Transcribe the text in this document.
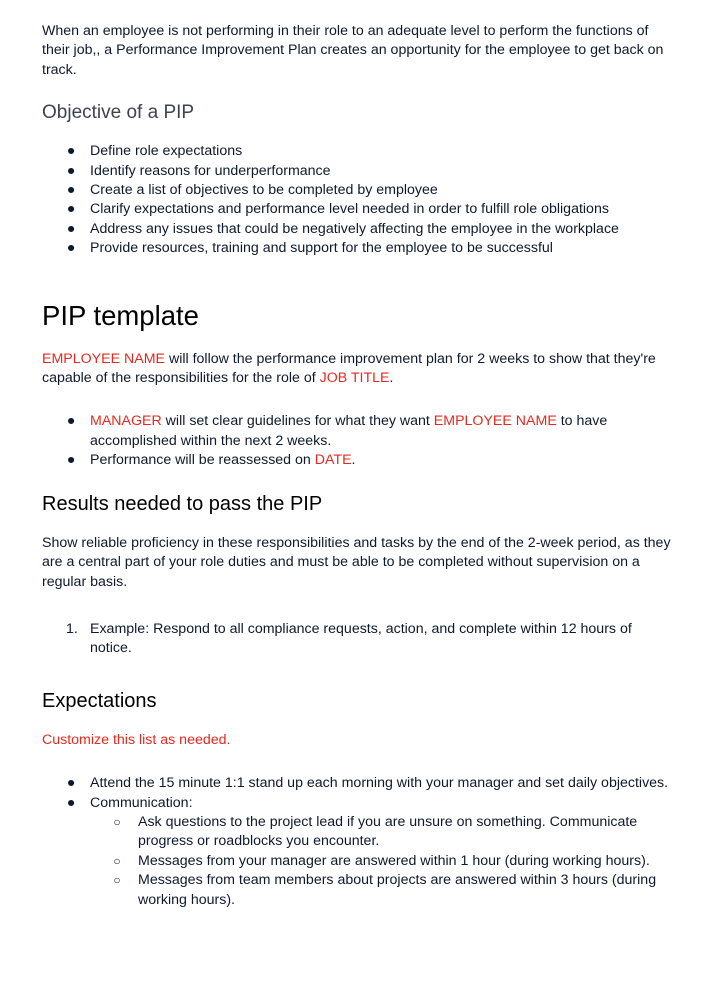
When an employee is not performing in their role to an adequate level to perform the functions of their job,, a Performance Improvement Plan creates an opportunity for the employee to get back on track.

Objective of a PIP
● Define role expectations
● Identify reasons for underperformance
● Create a list of objectives to be completed by employee
● Clarify expectations and performance level needed in order to fulfill role obligations
● Address any issues that could be negatively affecting the employee in the workplace
● Provide resources, training and support for the employee to be successful
PIP template

EMPLOYEE NAME will follow the performance improvement plan for 2 weeks to show that they're capable of the responsibilities for the role of JOB TITLE.

● MANAGER will set clear guidelines for what they want EMPLOYEE NAME to have accomplished within the next 2 weeks.
● Performance will be reassessed on DATE.
Results needed to pass the PIP

Show reliable proficiency in these responsibilities and tasks by the end of the 2-week period, as they are a central part of your role duties and must be able to be completed without supervision on a regular basis.

1. Example: Respond to all compliance requests, action, and complete within 12 hours of notice.
Expectations

Customize this list as needed.

● Attend the 15 minute 1:1 stand up each morning with your manager and set daily objectives.
● Communication:
○ Ask questions to the project lead if you are unsure on something. Communicate progress or roadblocks you encounter.
○ Messages from your manager are answered within 1 hour (during working hours).
○ Messages from team members about projects are answered within 3 hours (during working hours).
